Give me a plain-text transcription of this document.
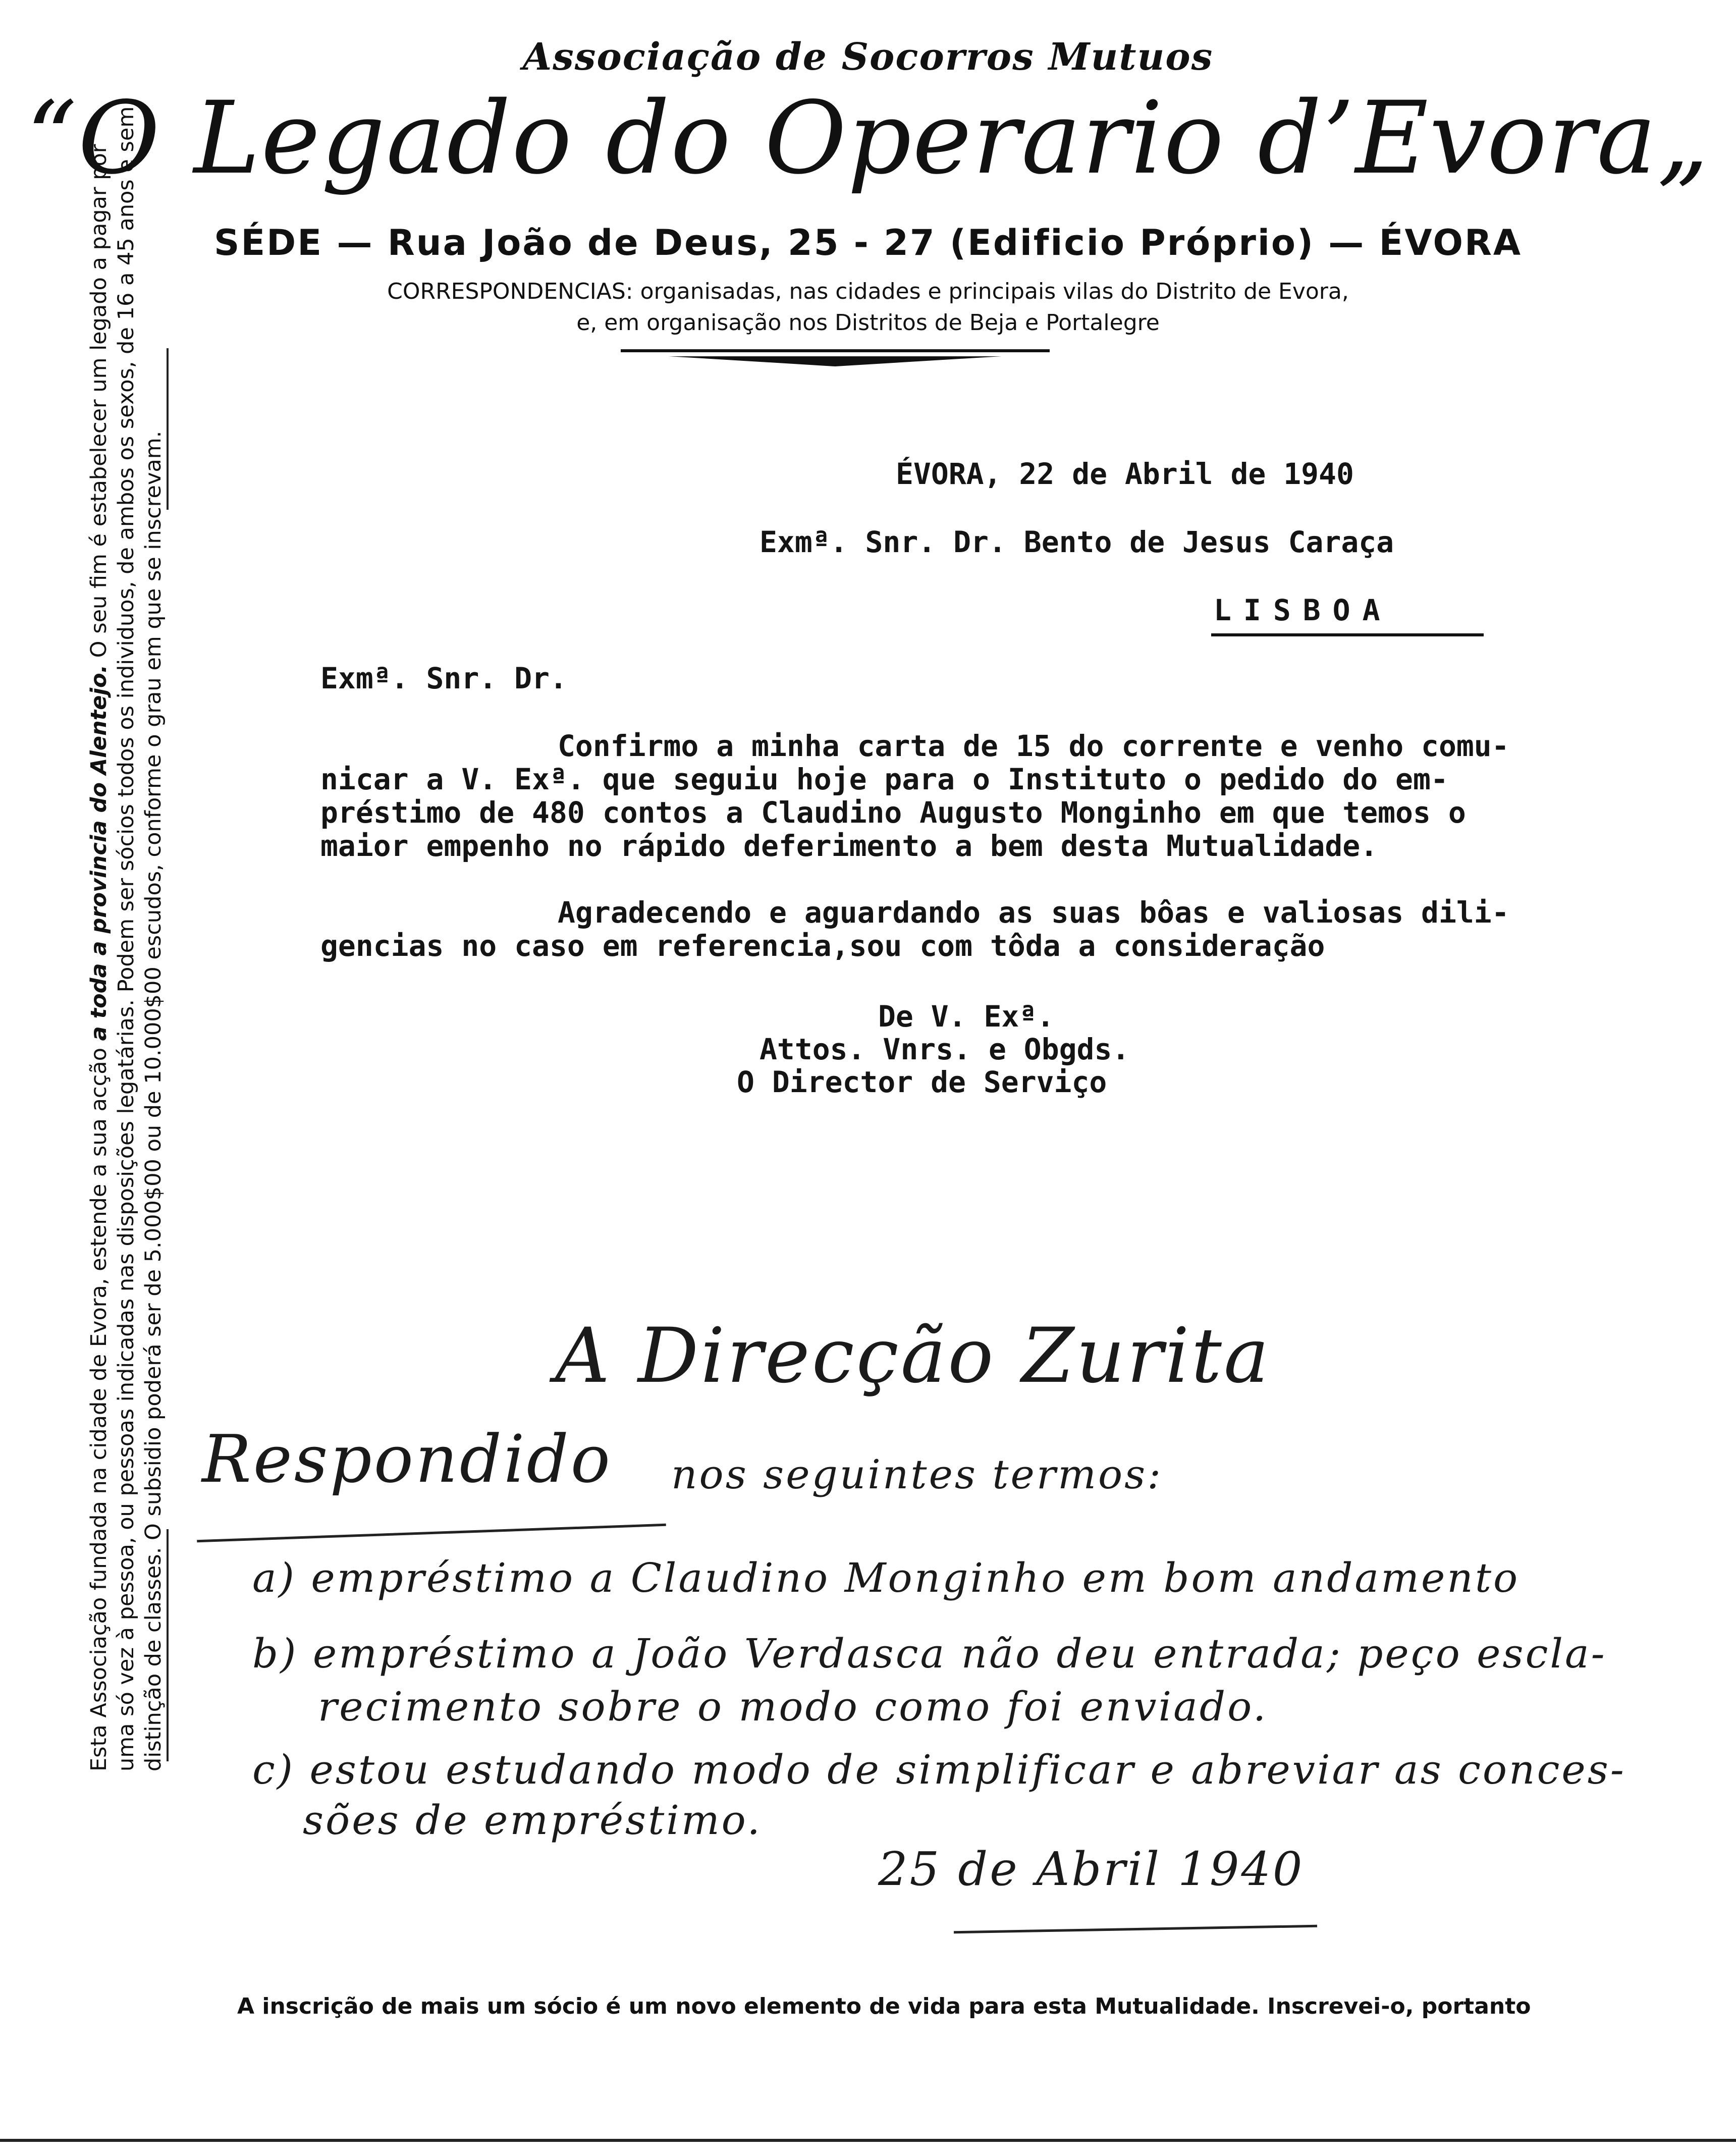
Associação de Socorros Mutuos
“O Legado do Operario d’Evora„
SÉDE — Rua João de Deus, 25 - 27 (Edificio Próprio) — ÉVORA
CORRESPONDENCIAS: organisadas, nas cidades e principais vilas do Distrito de Evora,
e, em organisação nos Distritos de Beja e Portalegre
Esta Associação fundada na cidade de Evora, estende a sua acção a toda a provincia do Alentejo. O seu fim é estabelecer um legado a pagar por uma só vez à pessoa, ou pessoas indicadas nas disposições legatárias. Podem ser sócios todos os individuos, de ambos os sexos, de 16 a 45 anos e sem distinção de classes. O subsidio poderá ser de 5.000$00 ou de 10.000$00 escudos, conforme o grau em que se inscrevam.	ÉVORA, 22 de Abril de 1940
Exmª. Snr. Dr. Bento de Jesus Caraça
LISBOA
Exmª. Snr. Dr.
Confirmo a minha carta de 15 do corrente e venho comu-
nicar a V. Exª. que seguiu hoje para o Instituto o pedido do em-
préstimo de 480 contos a Claudino Augusto Monginho em que temos o
maior empenho no rápido deferimento a bem desta Mutualidade.
Agradecendo e aguardando as suas bôas e valiosas dili-
gencias no caso em referencia,sou com tôda a consideração
De V. Exª.
Attos. Vnrs. e Obgds.
O Director de Serviço
A Direcção Zurita
Respondido nos seguintes termos:
a) empréstimo a Claudino Monginho em bom andamento
b) empréstimo a João Verdasca não deu entrada; peço escla-
recimento sobre o modo como foi enviado.
c) estou estudando modo de simplificar e abreviar as conces-
sões de empréstimo.
25 de Abril 1940
A inscrição de mais um sócio é um novo elemento de vida para esta Mutualidade. Inscrevei-o, portanto
